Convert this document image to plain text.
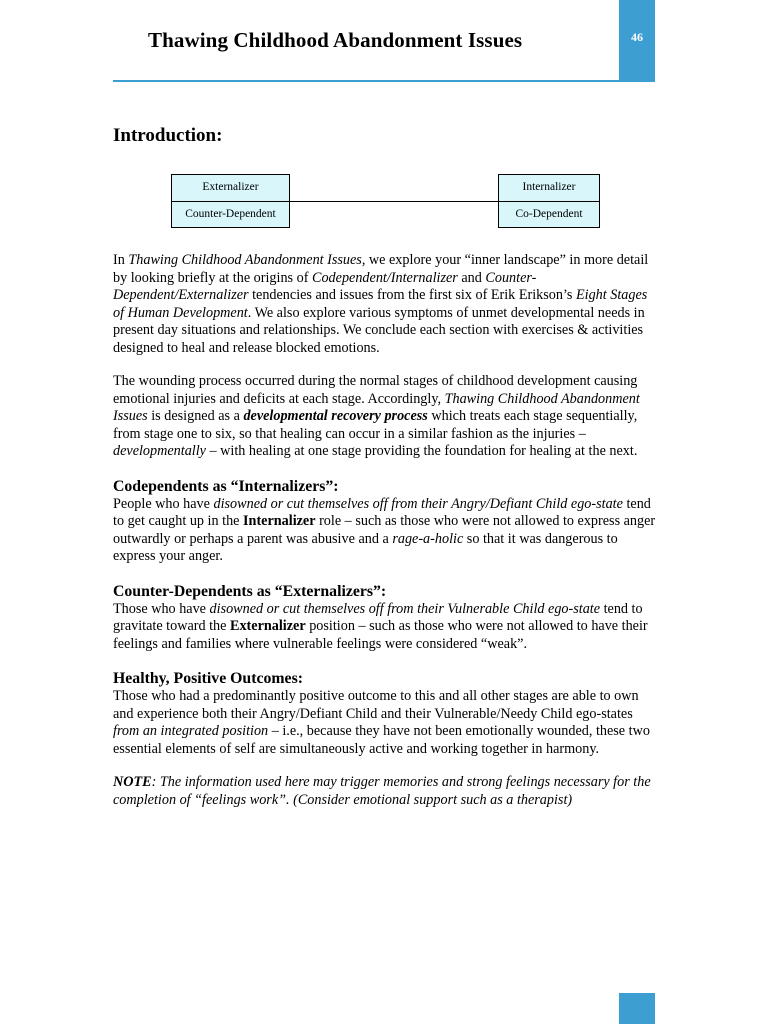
Thawing Childhood Abandonment Issues	46
Introduction:
Externalizer
Counter-Dependent
Internalizer
Co-Dependent

In Thawing Childhood Abandonment Issues, we explore your “inner landscape” in more detail by looking briefly at the origins of Codependent/Internalizer and Counter-Dependent/Externalizer tendencies and issues from the first six of Erik Erikson’s Eight Stages of Human Development. We also explore various symptoms of unmet developmental needs in present day situations and relationships. We conclude each section with exercises & activities designed to heal and release blocked emotions.

The wounding process occurred during the normal stages of childhood development causing emotional injuries and deficits at each stage. Accordingly, Thawing Childhood Abandonment Issues is designed as a developmental recovery process which treats each stage sequentially, from stage one to six, so that healing can occur in a similar fashion as the injuries – developmentally – with healing at one stage providing the foundation for healing at the next.

Codependents as “Internalizers”:

People who have disowned or cut themselves off from their Angry/Defiant Child ego-state tend to get caught up in the Internalizer role – such as those who were not allowed to express anger outwardly or perhaps a parent was abusive and a rage-a-holic so that it was dangerous to express your anger.

Counter-Dependents as “Externalizers”:

Those who have disowned or cut themselves off from their Vulnerable Child ego-state tend to gravitate toward the Externalizer position – such as those who were not allowed to have their feelings and families where vulnerable feelings were considered “weak”.

Healthy, Positive Outcomes:

Those who had a predominantly positive outcome to this and all other stages are able to own and experience both their Angry/Defiant Child and their Vulnerable/Needy Child ego-states from an integrated position – i.e., because they have not been emotionally wounded, these two essential elements of self are simultaneously active and working together in harmony.

NOTE: The information used here may trigger memories and strong feelings necessary for the completion of “feelings work”. (Consider emotional support such as a therapist)
